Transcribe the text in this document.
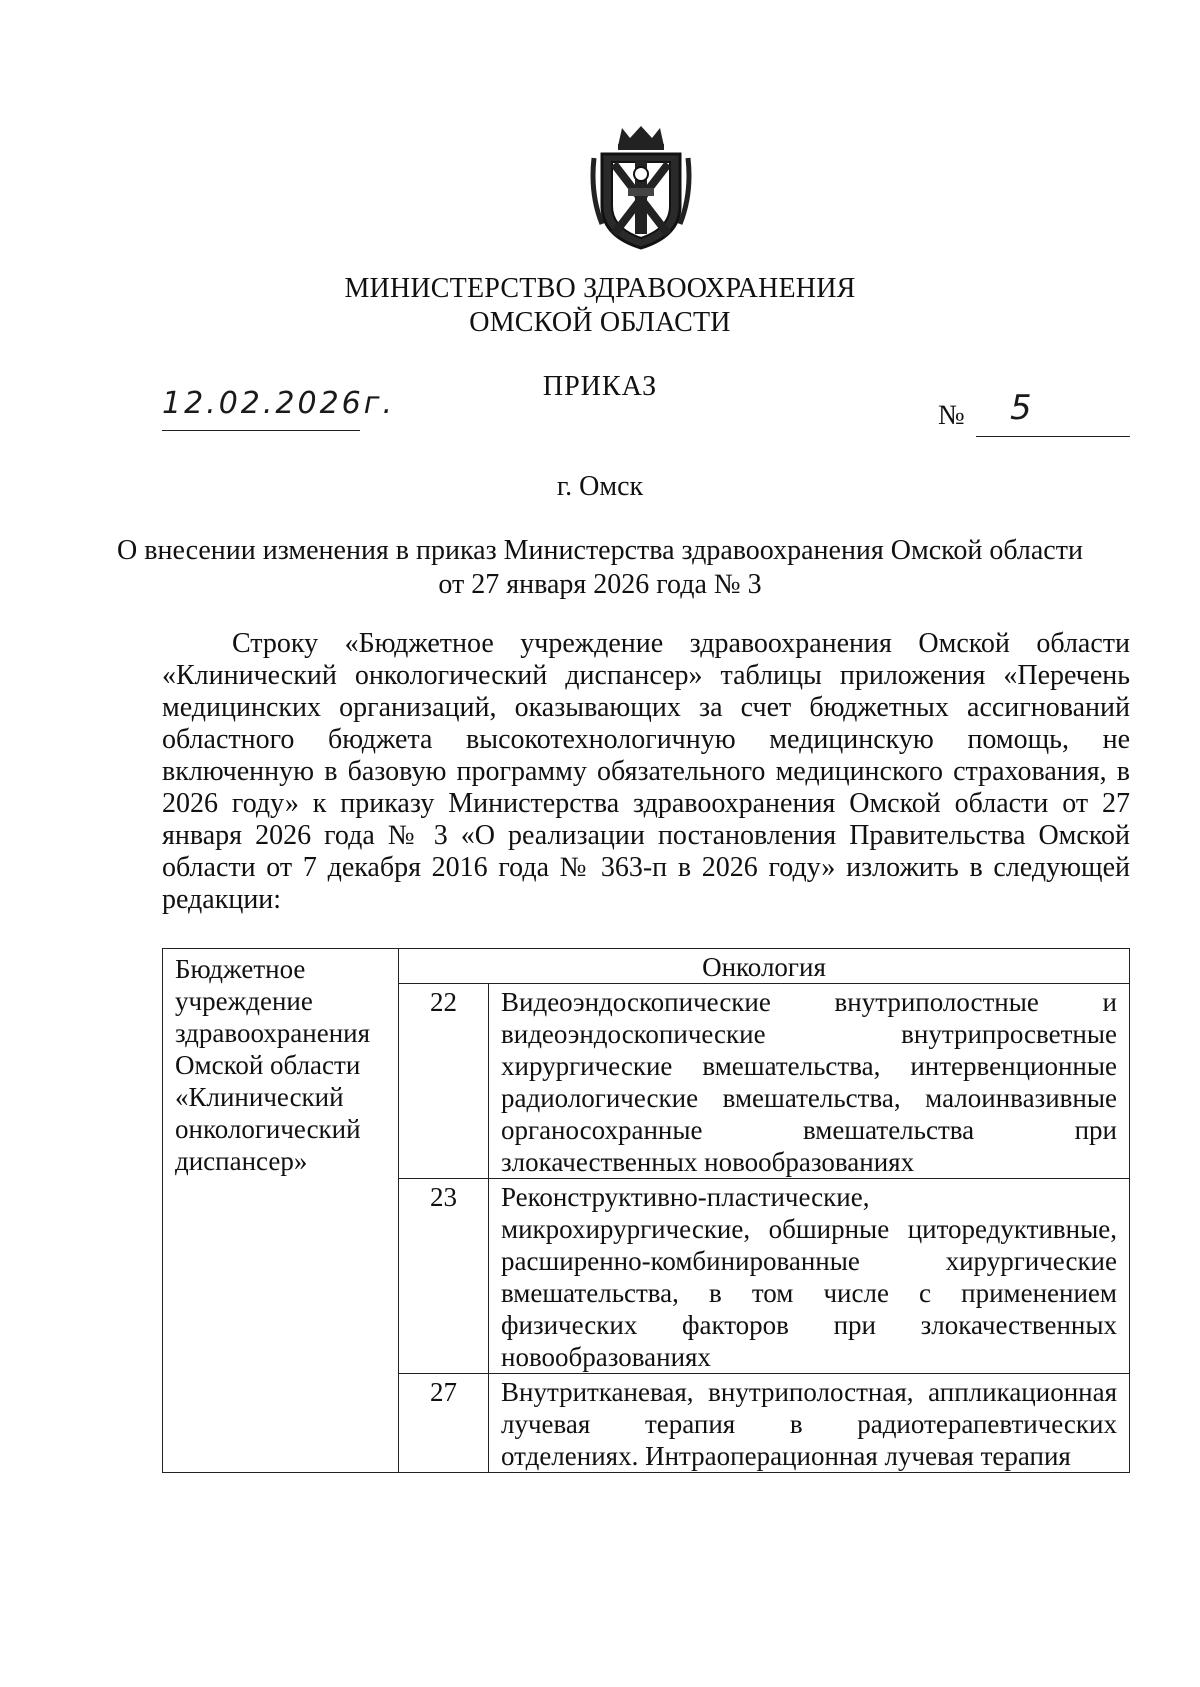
МИНИСТЕРСТВО ЗДРАВООХРАНЕНИЯ
ОМСКОЙ ОБЛАСТИ
ПРИКАЗ
12.02.2026г.	№ 5
г. Омск
О внесении изменения в приказ Министерства здравоохранения Омской области
от 27 января 2026 года № 3

Строку «Бюджетное учреждение здравоохранения Омской области «Клинический онкологический диспансер» таблицы приложения «Перечень медицинских организаций, оказывающих за счет бюджетных ассигнований областного бюджета высокотехнологичную медицинскую помощь, не включенную в базовую программу обязательного медицинского страхования, в 2026 году» к приказу Министерства здравоохранения Омской области от 27 января 2026 года № 3 «О реализации постановления Правительства Омской области от 7 декабря 2016 года № 363-п в 2026 году» изложить в следующей редакции:

Бюджетное учреждение здравоохранения Омской области «Клинический онкологический диспансер»	Онкология	
	22	Видеоэндоскопические внутриполостные и видеоэндоскопические внутрипросветные хирургические вмешательства, интервенционные радиологические вмешательства, малоинвазивные органосохранные вмешательства при злокачественных новообразованиях
	23	Реконструктивно-пластические, микрохирургические, обширные циторедуктивные, расширенно-комбинированные хирургические вмешательства, в том числе с применением физических факторов при злокачественных новообразованиях
	27	Внутритканевая, внутриполостная, аппликационная лучевая терапия в радиотерапевтических отделениях. Интраоперационная лучевая терапия
